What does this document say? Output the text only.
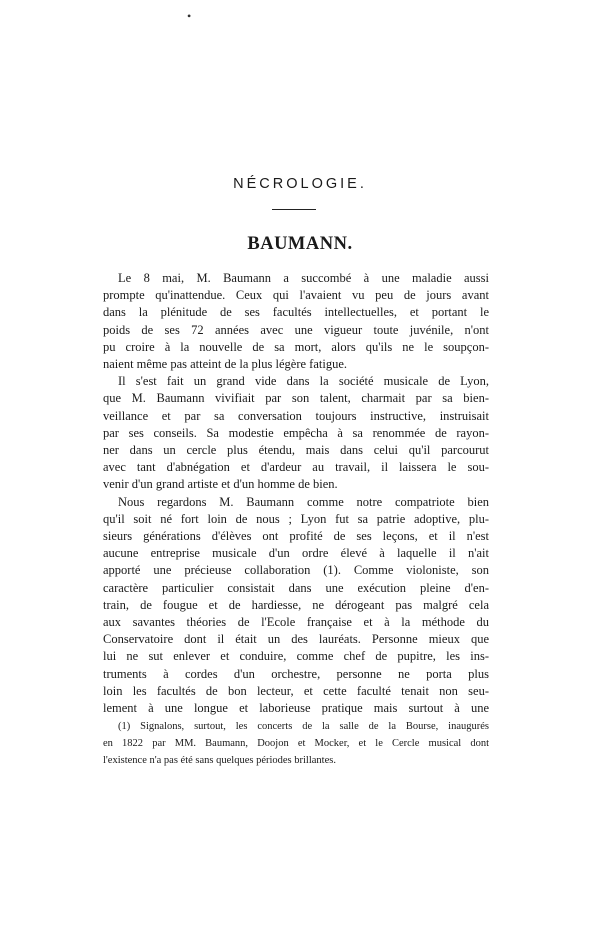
•
NÉCROLOGIE.
BAUMANN.

Le 8 mai, M. Baumann a succombé à une maladie aussi
prompte qu'inattendue. Ceux qui l'avaient vu peu de jours avant
dans la plénitude de ses facultés intellectuelles, et portant le
poids de ses 72 années avec une vigueur toute juvénile, n'ont
pu croire à la nouvelle de sa mort, alors qu'ils ne le soupçon-
naient même pas atteint de la plus légère fatigue.

Il s'est fait un grand vide dans la société musicale de Lyon,
que M. Baumann vivifiait par son talent, charmait par sa bien-
veillance et par sa conversation toujours instructive, instruisait
par ses conseils. Sa modestie empêcha à sa renommée de rayon-
ner dans un cercle plus étendu, mais dans celui qu'il parcourut
avec tant d'abnégation et d'ardeur au travail, il laissera le sou-
venir d'un grand artiste et d'un homme de bien.

Nous regardons M. Baumann comme notre compatriote bien
qu'il soit né fort loin de nous ; Lyon fut sa patrie adoptive, plu-
sieurs générations d'élèves ont profité de ses leçons, et il n'est
aucune entreprise musicale d'un ordre élevé à laquelle il n'ait
apporté une précieuse collaboration (1). Comme violoniste, son
caractère particulier consistait dans une exécution pleine d'en-
train, de fougue et de hardiesse, ne dérogeant pas malgré cela
aux savantes théories de l'Ecole française et à la méthode du
Conservatoire dont il était un des lauréats. Personne mieux que
lui ne sut enlever et conduire, comme chef de pupitre, les ins-
truments à cordes d'un orchestre, personne ne porta plus
loin les facultés de bon lecteur, et cette faculté tenait non seu-
lement à une longue et laborieuse pratique mais surtout à une

(1) Signalons, surtout, les concerts de la salle de la Bourse, inaugurés
en 1822 par MM. Baumann, Doojon et Mocker, et le Cercle musical dont
l'existence n'a pas été sans quelques périodes brillantes.
